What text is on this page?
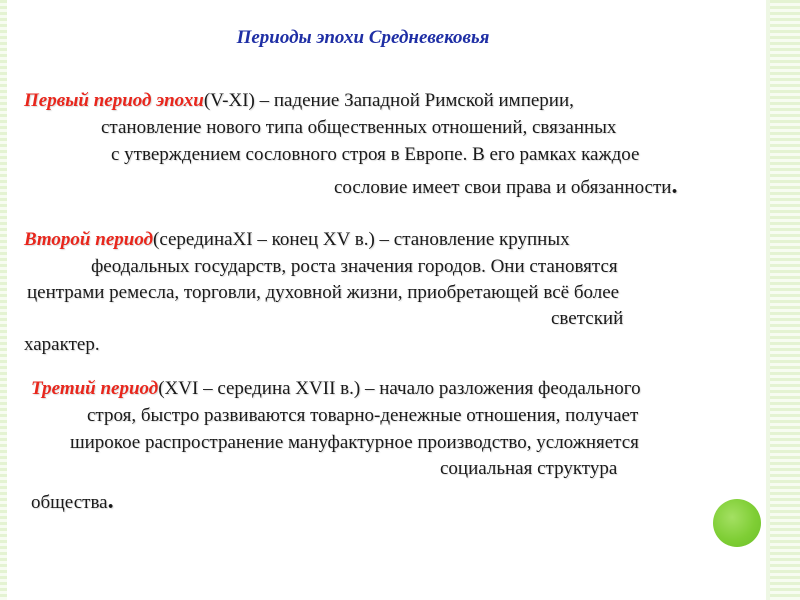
Периоды эпохи Средневековья
Первый период эпохи(V-XI) – падение Западной Римской империи,
становление нового типа общественных отношений, связанных
с утверждением сословного строя в Европе. В его рамках каждое
сословие имеет свои права и обязанности.
Второй период(серединаXI – конец XV в.) – становление крупных
феодальных государств, роста значения городов. Они становятся
центрами ремесла, торговли, духовной жизни, приобретающей всё более
светский
характер.
Третий период(XVI – середина XVII в.) – начало разложения феодального
строя, быстро развиваются товарно-денежные отношения, получает
широкое распространение мануфактурное производство, усложняется
социальная структура
общества.
